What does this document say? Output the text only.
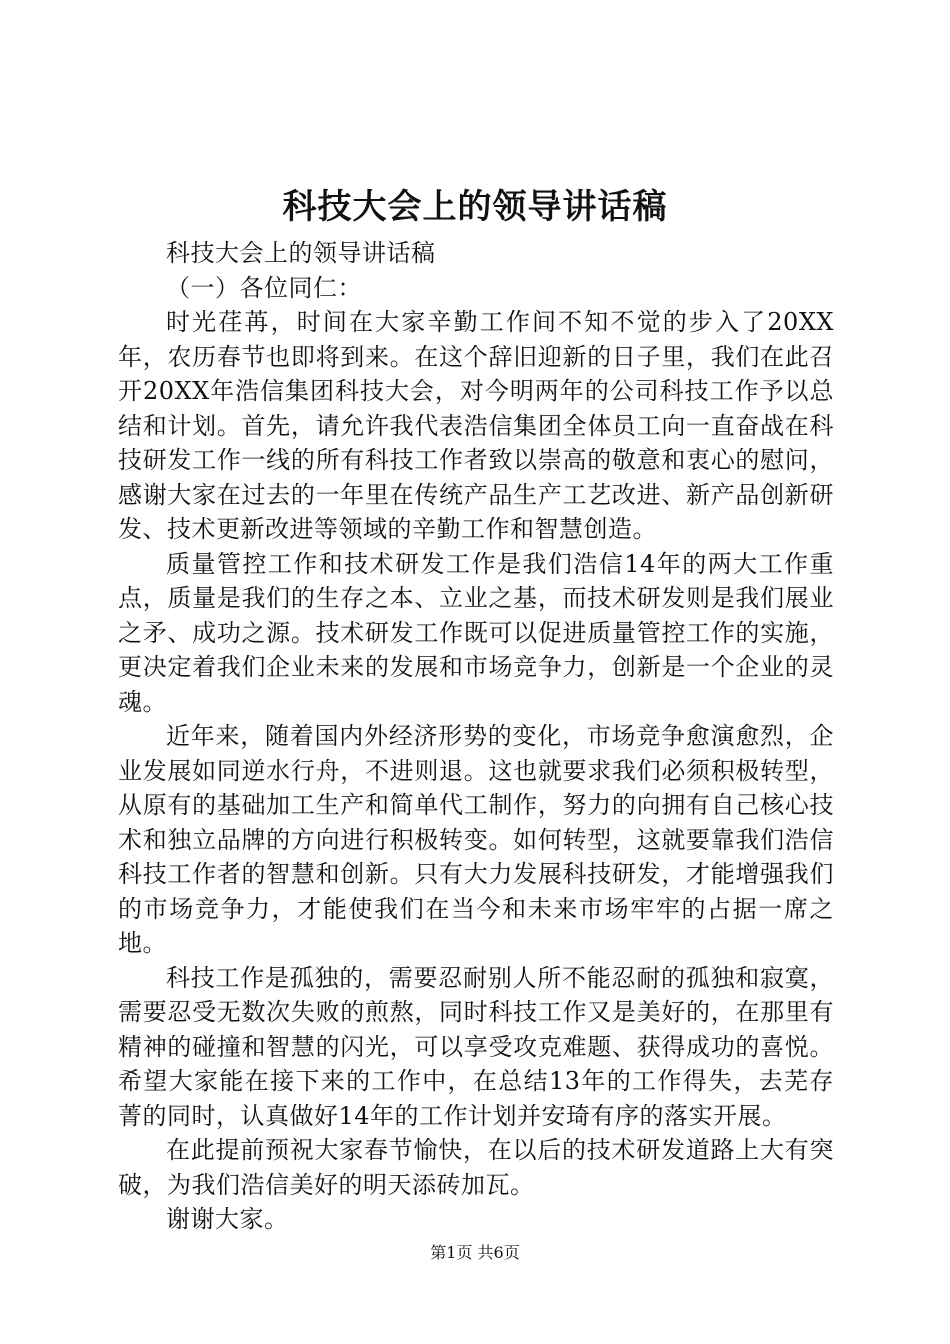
科技大会上的领导讲话稿

科技大会上的领导讲话稿

（一）各位同仁：

时光荏苒，时间在大家辛勤工作间不知不觉的步入了20XX年，农历春节也即将到来。在这个辞旧迎新的日子里，我们在此召开20XX年浩信集团科技大会，对今明两年的公司科技工作予以总结和计划。首先，请允许我代表浩信集团全体员工向一直奋战在科技研发工作一线的所有科技工作者致以崇高的敬意和衷心的慰问，感谢大家在过去的一年里在传统产品生产工艺改进、新产品创新研发、技术更新改进等领域的辛勤工作和智慧创造。

质量管控工作和技术研发工作是我们浩信14年的两大工作重点，质量是我们的生存之本、立业之基，而技术研发则是我们展业之矛、成功之源。技术研发工作既可以促进质量管控工作的实施，更决定着我们企业未来的发展和市场竞争力，创新是一个企业的灵魂。

近年来，随着国内外经济形势的变化，市场竞争愈演愈烈，企业发展如同逆水行舟，不进则退。这也就要求我们必须积极转型，从原有的基础加工生产和简单代工制作，努力的向拥有自己核心技术和独立品牌的方向进行积极转变。如何转型，这就要靠我们浩信科技工作者的智慧和创新。只有大力发展科技研发，才能增强我们的市场竞争力，才能使我们在当今和未来市场牢牢的占据一席之地。

科技工作是孤独的，需要忍耐别人所不能忍耐的孤独和寂寞，需要忍受无数次失败的煎熬，同时科技工作又是美好的，在那里有精神的碰撞和智慧的闪光，可以享受攻克难题、获得成功的喜悦。希望大家能在接下来的工作中，在总结13年的工作得失，去芜存菁的同时，认真做好14年的工作计划并安琦有序的落实开展。

在此提前预祝大家春节愉快，在以后的技术研发道路上大有突破，为我们浩信美好的明天添砖加瓦。

谢谢大家。

第1页 共6页
